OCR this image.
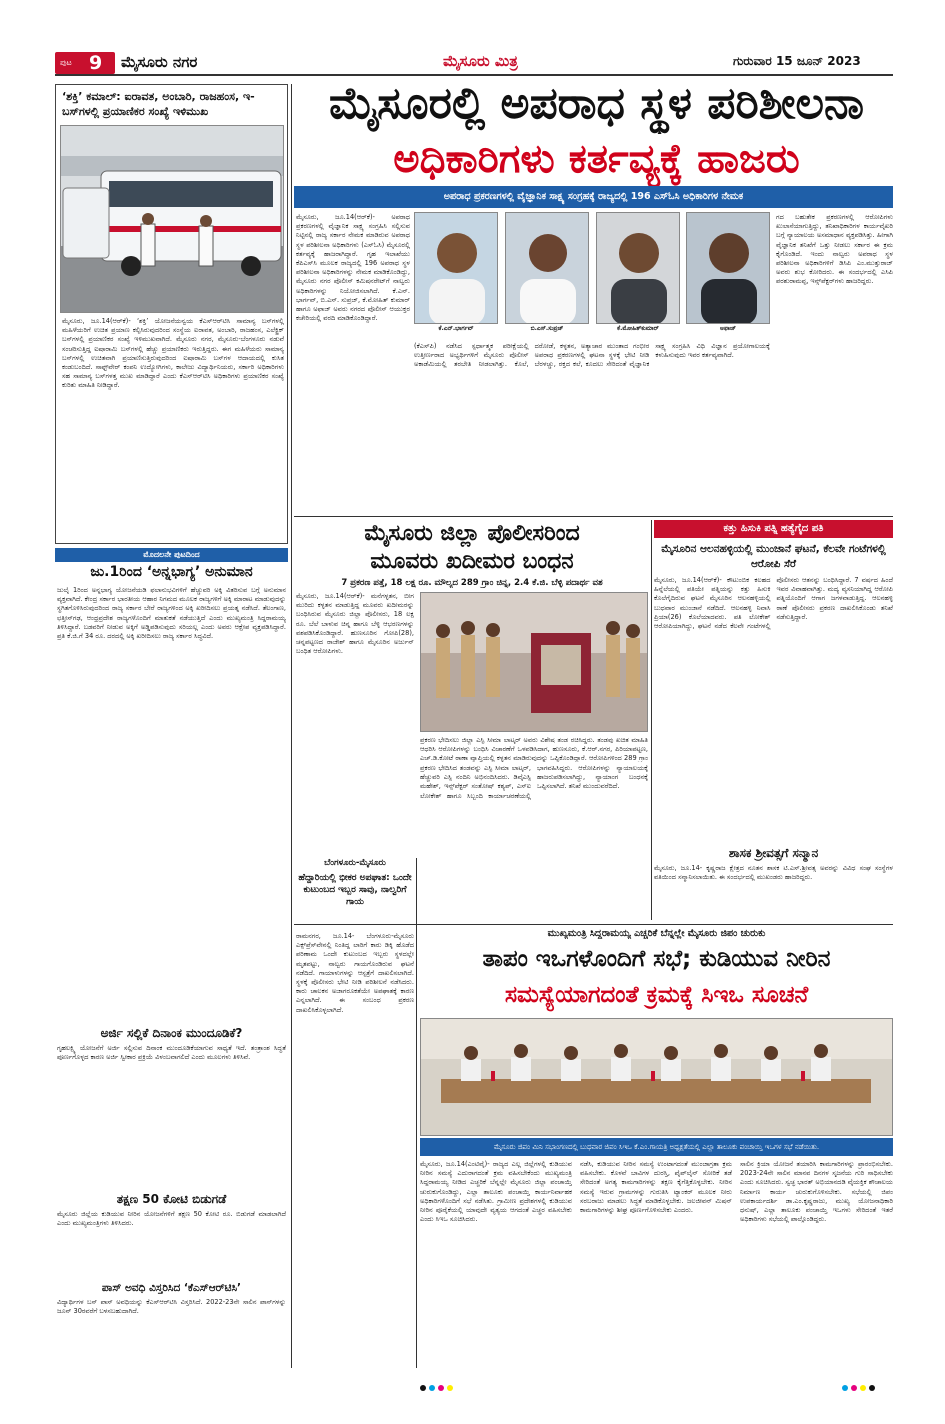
ಪುಟ 9 ಮೈಸೂರು ನಗರ	ಮೈಸೂರು ಮಿತ್ರ	ಗುರುವಾರ 15 ಜೂನ್ 2023
‘ಶಕ್ತಿ’ ಕಮಾಲ್: ಐರಾವತ, ಅಂಬಾರಿ, ರಾಜಹಂಸ, ಇ-ಬಸ್‌ಗಳಲ್ಲಿ ಪ್ರಯಾಣಿಕರ ಸಂಖ್ಯೆ ಇಳಿಮುಖ
ಮೈಸೂರು, ಜೂ.14(ಆರ್‌ಕೆ)- ‘ಶಕ್ತಿ’ ಯೋಜನೆಯನ್ವಯ ಕೆಎಸ್‌ಆರ್‌ಟಿಸಿ ಸಾಮಾನ್ಯ ಬಸ್‌ಗಳಲ್ಲಿ ಮಹಿಳೆಯರಿಗೆ ಉಚಿತ ಪ್ರಯಾಣ ಕಲ್ಪಿಸಿರುವುದರಿಂದ ಸಂಸ್ಥೆಯ ಐರಾವತ, ಅಂಬಾರಿ, ರಾಜಹಂಸ, ಎಲೆಕ್ಟ್ರಿಕ್ ಬಸ್‌ಗಳಲ್ಲಿ ಪ್ರಯಾಣಿಕರ ಸಂಖ್ಯೆ ಇಳಿಮುಖವಾಗಿದೆ. ಮೈಸೂರು ನಗರ, ಮೈಸೂರು-ಬೆಂಗಳೂರು ನಡುವೆ ಸಂಚರಿಸುತ್ತಿದ್ದ ಐಷಾರಾಮಿ ಬಸ್‌ಗಳಲ್ಲಿ ಹೆಚ್ಚು ಪ್ರಯಾಣಿಕರು ಇರುತ್ತಿದ್ದರು. ಈಗ ಮಹಿಳೆಯರು ಸಾಮಾನ್ಯ ಬಸ್‌ಗಳಲ್ಲಿ ಉಚಿತವಾಗಿ ಪ್ರಯಾಣಿಸುತ್ತಿರುವುದರಿಂದ ಐಷಾರಾಮಿ ಬಸ್‌ಗಳ ಆದಾಯದಲ್ಲಿ ಕುಸಿತ ಕಂಡುಬಂದಿದೆ. ಸಾಫ್ಟ್‌ವೇರ್ ಕಂಪನಿ ಉದ್ಯೋಗಿಗಳು, ಕಾಲೇಜು ವಿದ್ಯಾರ್ಥಿನಿಯರು, ಸರ್ಕಾರಿ ಅಧಿಕಾರಿಗಳು ಸಹ ಸಾಮಾನ್ಯ ಬಸ್‌ಗಳತ್ತ ಮುಖ ಮಾಡಿದ್ದಾರೆ ಎಂದು ಕೆಎಸ್‌ಆರ್‌ಟಿಸಿ ಅಧಿಕಾರಿಗಳು ಪ್ರಯಾಣಿಕರ ಸಂಖ್ಯೆ ಕುರಿತು ಮಾಹಿತಿ ನೀಡಿದ್ದಾರೆ.
ಮೊದಲನೇ ಪುಟದಿಂದ
ಜು.1ರಿಂದ ‘ಅನ್ನಭಾಗ್ಯ’ ಅನುಮಾನ
ಜುಲೈ 1ರಿಂದ ಅನ್ನಭಾಗ್ಯ ಯೋಜನೆಯಡಿ ಫಲಾನುಭವಿಗಳಿಗೆ ಹೆಚ್ಚುವರಿ ಅಕ್ಕಿ ವಿತರಿಸುವ ಬಗ್ಗೆ ಅನುಮಾನ ವ್ಯಕ್ತವಾಗಿದೆ. ಕೇಂದ್ರ ಸರ್ಕಾರ ಭಾರತೀಯ ಆಹಾರ ನಿಗಮದ ಮೂಲಕ ರಾಜ್ಯಗಳಿಗೆ ಅಕ್ಕಿ ಮಾರಾಟ ಮಾಡುವುದನ್ನು ಸ್ಥಗಿತಗೊಳಿಸಿರುವುದರಿಂದ ರಾಜ್ಯ ಸರ್ಕಾರ ಬೇರೆ ರಾಜ್ಯಗಳಿಂದ ಅಕ್ಕಿ ಖರೀದಿಸಲು ಪ್ರಯತ್ನ ನಡೆಸಿದೆ. ತೆಲಂಗಾಣ, ಛತ್ತೀಸ್‌ಗಢ, ಆಂಧ್ರಪ್ರದೇಶ ರಾಜ್ಯಗಳೊಂದಿಗೆ ಮಾತುಕತೆ ನಡೆಯುತ್ತಿದೆ ಎಂದು ಮುಖ್ಯಮಂತ್ರಿ ಸಿದ್ದರಾಮಯ್ಯ ತಿಳಿಸಿದ್ದಾರೆ. ಬಡವರಿಗೆ ನೀಡುವ ಅಕ್ಕಿಗೆ ಅಡ್ಡಿಪಡಿಸುವುದು ಸರಿಯಲ್ಲ ಎಂದು ಅವರು ಆಕ್ಷೇಪ ವ್ಯಕ್ತಪಡಿಸಿದ್ದಾರೆ. ಪ್ರತಿ ಕೆ.ಜಿ.ಗೆ 34 ರೂ. ದರದಲ್ಲಿ ಅಕ್ಕಿ ಖರೀದಿಸಲು ರಾಜ್ಯ ಸರ್ಕಾರ ಸಿದ್ಧವಿದೆ.
ಅರ್ಜಿ ಸಲ್ಲಿಕೆ ದಿನಾಂಕ ಮುಂದೂಡಿಕೆ?
ಗೃಹಲಕ್ಷ್ಮಿ ಯೋಜನೆಗೆ ಅರ್ಜಿ ಸಲ್ಲಿಸುವ ದಿನಾಂಕ ಮುಂದೂಡಿಕೆಯಾಗುವ ಸಾಧ್ಯತೆ ಇದೆ. ತಂತ್ರಾಂಶ ಸಿದ್ಧತೆ ಪೂರ್ಣಗೊಳ್ಳದ ಕಾರಣ ಅರ್ಜಿ ಸ್ವೀಕಾರ ಪ್ರಕ್ರಿಯೆ ವಿಳಂಬವಾಗಲಿದೆ ಎಂದು ಮೂಲಗಳು ತಿಳಿಸಿವೆ.
ತಕ್ಷಣ 50 ಕೋಟಿ ಬಿಡುಗಡೆ
ಮೈಸೂರು ಜಿಲ್ಲೆಯ ಕುಡಿಯುವ ನೀರಿನ ಯೋಜನೆಗಳಿಗೆ ತಕ್ಷಣ 50 ಕೋಟಿ ರೂ. ಬಿಡುಗಡೆ ಮಾಡಲಾಗಿದೆ ಎಂದು ಮುಖ್ಯಮಂತ್ರಿಗಳು ತಿಳಿಸಿದರು.
ಪಾಸ್ ಅವಧಿ ವಿಸ್ತರಿಸಿದ ‘ಕೆಎಸ್‌ಆರ್‌ಟಿಸಿ’
ವಿದ್ಯಾರ್ಥಿಗಳ ಬಸ್ ಪಾಸ್ ಅವಧಿಯನ್ನು ಕೆಎಸ್‌ಆರ್‌ಟಿಸಿ ವಿಸ್ತರಿಸಿದೆ. 2022-23ನೇ ಸಾಲಿನ ಪಾಸ್‌ಗಳನ್ನು ಜೂನ್ 30ರವರೆಗೆ ಬಳಸಬಹುದಾಗಿದೆ.
ಮೈಸೂರಲ್ಲಿ ಅಪರಾಧ ಸ್ಥಳ ಪರಿಶೀಲನಾ
ಅಧಿಕಾರಿಗಳು ಕರ್ತವ್ಯಕ್ಕೆ ಹಾಜರು
ಅಪರಾಧ ಪ್ರಕರಣಗಳಲ್ಲಿ ವೈಜ್ಞಾನಿಕ ಸಾಕ್ಷ್ಯ ಸಂಗ್ರಹಕ್ಕೆ ರಾಜ್ಯದಲ್ಲಿ 196 ಎಸ್‌ಓಸಿ ಅಧಿಕಾರಿಗಳ ನೇಮಕ
ಮೈಸೂರು, ಜೂ.14(ಆರ್‌ಕೆ)- ಅಪರಾಧ ಪ್ರಕರಣಗಳಲ್ಲಿ ವೈಜ್ಞಾನಿಕ ಸಾಕ್ಷ್ಯ ಸಂಗ್ರಹಿಸಿ ಸಲ್ಲಿಸುವ ನಿಟ್ಟಿನಲ್ಲಿ ರಾಜ್ಯ ಸರ್ಕಾರ ನೇಮಕ ಮಾಡಿರುವ ಅಪರಾಧ ಸ್ಥಳ ಪರಿಶೀಲನಾ ಅಧಿಕಾರಿಗಳು (ಎಸ್‌ಓಸಿ) ಮೈಸೂರಲ್ಲಿ ಕರ್ತವ್ಯಕ್ಕೆ ಹಾಜರಾಗಿದ್ದಾರೆ. ಗೃಹ ಇಲಾಖೆಯು ಕೆಪಿಎಸ್‌ಸಿ ಮೂಲಕ ರಾಜ್ಯದಲ್ಲಿ 196 ಅಪರಾಧ ಸ್ಥಳ ಪರಿಶೀಲನಾ ಅಧಿಕಾರಿಗಳನ್ನು ನೇಮಕ ಮಾಡಿಕೊಂಡಿದ್ದು, ಮೈಸೂರು ನಗರ ಪೊಲೀಸ್ ಕಮಿಷನರೇಟ್‌ಗೆ ನಾಲ್ವರು ಅಧಿಕಾರಿಗಳನ್ನು ನಿಯೋಜಿಸಲಾಗಿದೆ. ಕೆ.ಎನ್. ಭಾರ್ಗವ್, ಬಿ.ಎಸ್. ಸುಪ್ರಜ್, ಕೆ.ಮೋಹಿತ್ ಕುಮಾರ್ ಹಾಗೂ ಅಫಾಜ್ ಅವರು ನಗರದ ಪೊಲೀಸ್ ಆಯುಕ್ತರ ಕಚೇರಿಯಲ್ಲಿ ವರದಿ ಮಾಡಿಕೊಂಡಿದ್ದಾರೆ.
ಕೆ.ಎನ್.ಭಾರ್ಗವ್	ಬಿ.ಎಸ್.ಸುಪ್ರಜ್	ಕೆ.ಮೋಹಿತ್‌ಕುಮಾರ್	ಅಫಾಜ್
(ಕೆಎಸ್‌ಪಿ) ನಡೆಸಿದ ಸ್ಪರ್ಧಾತ್ಮಕ ಪರೀಕ್ಷೆಯಲ್ಲಿ ಉತ್ತೀರ್ಣರಾದ ಅಭ್ಯರ್ಥಿಗಳಿಗೆ ಮೈಸೂರು ಪೊಲೀಸ್ ಅಕಾಡೆಮಿಯಲ್ಲಿ ತರಬೇತಿ ನೀಡಲಾಗಿತ್ತು. ಕೊಲೆ, ದರೋಡೆ, ಕಳ್ಳತನ, ಅತ್ಯಾಚಾರ ಮುಂತಾದ ಗಂಭೀರ ಅಪರಾಧ ಪ್ರಕರಣಗಳಲ್ಲಿ ಘಟನಾ ಸ್ಥಳಕ್ಕೆ ಭೇಟಿ ನೀಡಿ ಬೆರಳಚ್ಚು, ರಕ್ತದ ಕಲೆ, ಕೂದಲು ಸೇರಿದಂತೆ ವೈಜ್ಞಾನಿಕ ಸಾಕ್ಷ್ಯ ಸಂಗ್ರಹಿಸಿ ವಿಧಿ ವಿಜ್ಞಾನ ಪ್ರಯೋಗಾಲಯಕ್ಕೆ ಕಳುಹಿಸುವುದು ಇವರ ಕರ್ತವ್ಯವಾಗಿದೆ.
ಗದ ಬಹುತೇಕ ಪ್ರಕರಣಗಳಲ್ಲಿ ಆರೋಪಿಗಳು ಖುಲಾಸೆಯಾಗುತ್ತಿದ್ದು, ತನಿಖಾಧಿಕಾರಿಗಳ ಕಾರ್ಯವೈಖರಿ ಬಗ್ಗೆ ನ್ಯಾಯಾಲಯ ಅಸಮಾಧಾನ ವ್ಯಕ್ತಪಡಿಸಿತ್ತು. ಹೀಗಾಗಿ ವೈಜ್ಞಾನಿಕ ತನಿಖೆಗೆ ಒತ್ತು ನೀಡಲು ಸರ್ಕಾರ ಈ ಕ್ರಮ ಕೈಗೊಂಡಿದೆ. ಇಂದು ನಾಲ್ವರು ಅಪರಾಧ ಸ್ಥಳ ಪರಿಶೀಲನಾ ಅಧಿಕಾರಿಗಳಿಗೆ ಡಿಸಿಪಿ ಎಂ.ಮುತ್ತುರಾಜ್ ಅವರು ಶುಭ ಕೋರಿದರು. ಈ ಸಂದರ್ಭದಲ್ಲಿ ಎಸಿಪಿ ಪರಶುರಾಮಪ್ಪ, ಇನ್ಸ್‌ಪೆಕ್ಟರ್‌ಗಳು ಹಾಜರಿದ್ದರು.
ಮೈಸೂರು ಜಿಲ್ಲಾ ಪೊಲೀಸರಿಂದ
ಮೂವರು ಖದೀಮರ ಬಂಧನ
7 ಪ್ರಕರಣ ಪತ್ತೆ, 18 ಲಕ್ಷ ರೂ. ಮೌಲ್ಯದ 289 ಗ್ರಾಂ ಚಿನ್ನ, 2.4 ಕೆ.ಜಿ. ಬೆಳ್ಳಿ ಪದಾರ್ಥ ವಶ
ಮೈಸೂರು, ಜೂ.14(ಆರ್‌ಕೆ)- ಮನೆಗಳ್ಳತನ, ಬೀಗ ಮುರಿದು ಕಳ್ಳತನ ಮಾಡುತ್ತಿದ್ದ ಮೂವರು ಖದೀಮರನ್ನು ಬಂಧಿಸಿರುವ ಮೈಸೂರು ಜಿಲ್ಲಾ ಪೊಲೀಸರು, 18 ಲಕ್ಷ ರೂ. ಬೆಲೆ ಬಾಳುವ ಚಿನ್ನ ಹಾಗೂ ಬೆಳ್ಳಿ ಆಭರಣಗಳನ್ನು ವಶಪಡಿಸಿಕೊಂಡಿದ್ದಾರೆ. ಹುಣಸೂರಿನ ಗೋಪಿ(28), ಚನ್ನಪಟ್ಟಣದ ರಾಜೇಶ್ ಹಾಗೂ ಮೈಸೂರಿನ ಅರ್ಜುನ್ ಬಂಧಿತ ಆರೋಪಿಗಳು.
ಪ್ರಕರಣ ಭೇದಿಸಲು ಜಿಲ್ಲಾ ಎಸ್ಪಿ ಸೀಮಾ ಲಾಟ್ಕರ್ ಅವರು ವಿಶೇಷ ತಂಡ ರಚಿಸಿದ್ದರು. ತಂಡವು ಖಚಿತ ಮಾಹಿತಿ ಆಧರಿಸಿ ಆರೋಪಿಗಳನ್ನು ಬಂಧಿಸಿ ವಿಚಾರಣೆಗೆ ಒಳಪಡಿಸಿದಾಗ, ಹುಣಸೂರು, ಕೆ.ಆರ್.ನಗರ, ಪಿರಿಯಾಪಟ್ಟಣ, ಎಚ್.ಡಿ.ಕೋಟೆ ಠಾಣಾ ವ್ಯಾಪ್ತಿಯಲ್ಲಿ ಕಳ್ಳತನ ಮಾಡಿರುವುದನ್ನು ಒಪ್ಪಿಕೊಂಡಿದ್ದಾರೆ. ಆರೋಪಿಗಳಿಂದ 289 ಗ್ರಾಂ
ಪ್ರಕರಣ ಭೇದಿಸಿದ ತಂಡವನ್ನು ಎಸ್ಪಿ ಸೀಮಾ ಲಾಟ್ಕರ್, ಹೆಚ್ಚುವರಿ ಎಸ್ಪಿ ನಂದಿನಿ ಅಭಿನಂದಿಸಿದರು. ಡಿವೈಎಸ್ಪಿ ಮಹೇಶ್, ಇನ್ಸ್‌ಪೆಕ್ಟರ್ ಸಂತೋಷ್ ಕಶ್ಯಪ್, ಎಸ್‌ಐ ಲೋಕೇಶ್ ಹಾಗೂ ಸಿಬ್ಬಂದಿ ಕಾರ್ಯಾಚರಣೆಯಲ್ಲಿ ಭಾಗವಹಿಸಿದ್ದರು. ಆರೋಪಿಗಳನ್ನು ನ್ಯಾಯಾಲಯಕ್ಕೆ ಹಾಜರುಪಡಿಸಲಾಗಿದ್ದು, ನ್ಯಾಯಾಂಗ ಬಂಧನಕ್ಕೆ ಒಪ್ಪಿಸಲಾಗಿದೆ. ತನಿಖೆ ಮುಂದುವರೆದಿದೆ.
ಕತ್ತು ಹಿಸುಕಿ ಪತ್ನಿ ಹತ್ಯೆಗೈದ ಪತಿ
ಮೈಸೂರಿನ ಆಲನಹಳ್ಳಿಯಲ್ಲಿ ಮುಂಜಾನೆ ಘಟನೆ, ಕೆಲವೇ ಗಂಟೆಗಳಲ್ಲಿ ಆರೋಪಿ ಸೆರೆ
ಮೈಸೂರು, ಜೂ.14(ಆರ್‌ಕೆ)- ಕೌಟುಂಬಿಕ ಕಲಹದ ಹಿನ್ನೆಲೆಯಲ್ಲಿ ಪತಿಯೇ ಪತ್ನಿಯನ್ನು ಕತ್ತು ಹಿಸುಕಿ ಕೊಲೆಗೈದಿರುವ ಘಟನೆ ಮೈಸೂರಿನ ಆಲನಹಳ್ಳಿಯಲ್ಲಿ ಬುಧವಾರ ಮುಂಜಾನೆ ನಡೆದಿದೆ. ಆಲನಹಳ್ಳಿ ನಿವಾಸಿ ಪ್ರಿಯಾ(26) ಕೊಲೆಯಾದವರು. ಪತಿ ಲೋಕೇಶ್ ಆರೋಪಿಯಾಗಿದ್ದು, ಘಟನೆ ನಡೆದ ಕೆಲವೇ ಗಂಟೆಗಳಲ್ಲಿ ಪೊಲೀಸರು ಆತನನ್ನು ಬಂಧಿಸಿದ್ದಾರೆ. 7 ವರ್ಷದ ಹಿಂದೆ ಇವರ ವಿವಾಹವಾಗಿತ್ತು. ಮದ್ಯ ವ್ಯಸನಿಯಾಗಿದ್ದ ಆರೋಪಿ ಪತ್ನಿಯೊಂದಿಗೆ ಆಗಾಗ ಜಗಳವಾಡುತ್ತಿದ್ದ. ಆಲನಹಳ್ಳಿ ಠಾಣೆ ಪೊಲೀಸರು ಪ್ರಕರಣ ದಾಖಲಿಸಿಕೊಂಡು ತನಿಖೆ ನಡೆಸುತ್ತಿದ್ದಾರೆ.
ಶಾಸಕ ಶ್ರೀವತ್ಸಗೆ ಸನ್ಮಾನ
ಮೈಸೂರು, ಜೂ.14- ಕೃಷ್ಣರಾಜ ಕ್ಷೇತ್ರದ ನೂತನ ಶಾಸಕ ಟಿ.ಎಸ್.ಶ್ರೀವತ್ಸ ಅವರನ್ನು ವಿವಿಧ ಸಂಘ ಸಂಸ್ಥೆಗಳ ವತಿಯಿಂದ ಸನ್ಮಾನಿಸಲಾಯಿತು. ಈ ಸಂದರ್ಭದಲ್ಲಿ ಮುಖಂಡರು ಹಾಜರಿದ್ದರು.
ಬೆಂಗಳೂರು-ಮೈಸೂರು
ಹೆದ್ದಾರಿಯಲ್ಲಿ ಭೀಕರ ಅಪಘಾತ: ಒಂದೇ ಕುಟುಂಬದ ಇಬ್ಬರ ಸಾವು, ನಾಲ್ವರಿಗೆ ಗಾಯ
ರಾಮನಗರ, ಜೂ.14- ಬೆಂಗಳೂರು-ಮೈಸೂರು ಎಕ್ಸ್‌ಪ್ರೆಸ್‌ವೇನಲ್ಲಿ ನಿಂತಿದ್ದ ಲಾರಿಗೆ ಕಾರು ಡಿಕ್ಕಿ ಹೊಡೆದ ಪರಿಣಾಮ ಒಂದೇ ಕುಟುಂಬದ ಇಬ್ಬರು ಸ್ಥಳದಲ್ಲೇ ಮೃತಪಟ್ಟು, ನಾಲ್ವರು ಗಾಯಗೊಂಡಿರುವ ಘಟನೆ ನಡೆದಿದೆ. ಗಾಯಾಳುಗಳನ್ನು ಆಸ್ಪತ್ರೆಗೆ ದಾಖಲಿಸಲಾಗಿದೆ. ಸ್ಥಳಕ್ಕೆ ಪೊಲೀಸರು ಭೇಟಿ ನೀಡಿ ಪರಿಶೀಲನೆ ನಡೆಸಿದರು. ಕಾರು ಚಾಲಕನ ಅಜಾಗರೂಕತೆಯೇ ಅಪಘಾತಕ್ಕೆ ಕಾರಣ ಎನ್ನಲಾಗಿದೆ. ಈ ಸಂಬಂಧ ಪ್ರಕರಣ ದಾಖಲಿಸಿಕೊಳ್ಳಲಾಗಿದೆ.
ಮುಖ್ಯಮಂತ್ರಿ ಸಿದ್ದರಾಮಯ್ಯ ಎಚ್ಚರಿಕೆ ಬೆನ್ನಲ್ಲೇ ಮೈಸೂರು ಜಿಪಂ ಚುರುಕು
ತಾಪಂ ಇಒಗಳೊಂದಿಗೆ ಸಭೆ; ಕುಡಿಯುವ ನೀರಿನ
ಸಮಸ್ಯೆಯಾಗದಂತೆ ಕ್ರಮಕ್ಕೆ ಸಿಇಒ ಸೂಚನೆ
ಮೈಸೂರು ಜಿಪಂ ಮಿನಿ ಸಭಾಂಗಣದಲ್ಲಿ ಬುಧವಾರ ಜಿಪಂ ಸಿಇಒ ಕೆ.ಎಂ.ಗಾಯತ್ರಿ ಅಧ್ಯಕ್ಷತೆಯಲ್ಲಿ ಎಲ್ಲಾ ತಾಲೂಕು ಪಂಚಾಯ್ತಿ ಇಒಗಳ ಸಭೆ ನಡೆಯಿತು.
ಮೈಸೂರು, ಜೂ.14(ಎಂಟಿವೈ)- ರಾಜ್ಯದ ಎಲ್ಲ ಜಿಲ್ಲೆಗಳಲ್ಲಿ ಕುಡಿಯುವ ನೀರಿನ ಸಮಸ್ಯೆ ಎದುರಾಗದಂತೆ ಕ್ರಮ ವಹಿಸಬೇಕೆಂದು ಮುಖ್ಯಮಂತ್ರಿ ಸಿದ್ದರಾಮಯ್ಯ ನೀಡಿದ ಎಚ್ಚರಿಕೆ ಬೆನ್ನಲ್ಲೇ ಮೈಸೂರು ಜಿಲ್ಲಾ ಪಂಚಾಯ್ತಿ ಚುರುಕುಗೊಂಡಿದ್ದು, ಎಲ್ಲಾ ತಾಲೂಕು ಪಂಚಾಯ್ತಿ ಕಾರ್ಯನಿರ್ವಾಹಕ ಅಧಿಕಾರಿಗಳೊಂದಿಗೆ ಸಭೆ ನಡೆಸಿತು. ಗ್ರಾಮೀಣ ಪ್ರದೇಶಗಳಲ್ಲಿ ಕುಡಿಯುವ ನೀರಿನ ಪೂರೈಕೆಯಲ್ಲಿ ಯಾವುದೇ ವ್ಯತ್ಯಯ ಆಗದಂತೆ ಎಚ್ಚರ ವಹಿಸಬೇಕು ಎಂದು ಸಿಇಒ ಸೂಚಿಸಿದರು.
ನಡೆಸಿ, ಕುಡಿಯುವ ನೀರಿನ ಸಮಸ್ಯೆ ಉಂಟಾಗದಂತೆ ಮುಂಜಾಗ್ರತಾ ಕ್ರಮ ವಹಿಸಬೇಕು. ಕೊಳವೆ ಬಾವಿಗಳ ದುರಸ್ತಿ, ಪೈಪ್‌ಲೈನ್ ಸೋರಿಕೆ ತಡೆ ಸೇರಿದಂತೆ ಅಗತ್ಯ ಕಾಮಗಾರಿಗಳನ್ನು ತಕ್ಷಣ ಕೈಗೆತ್ತಿಕೊಳ್ಳಬೇಕು. ನೀರಿನ ಸಮಸ್ಯೆ ಇರುವ ಗ್ರಾಮಗಳನ್ನು ಗುರುತಿಸಿ ಟ್ಯಾಂಕರ್ ಮೂಲಕ ನೀರು ಸರಬರಾಜು ಮಾಡಲು ಸಿದ್ಧತೆ ಮಾಡಿಕೊಳ್ಳಬೇಕು. ಜಲಜೀವನ್ ಮಿಷನ್ ಕಾಮಗಾರಿಗಳನ್ನು ಶೀಘ್ರ ಪೂರ್ಣಗೊಳಿಸಬೇಕು ಎಂದರು.
ಸಾಲಿನ ಕ್ರಿಯಾ ಯೋಜನೆ ತಯಾರಿಸಿ ಕಾಮಗಾರಿಗಳನ್ನು ಪ್ರಾರಂಭಿಸಬೇಕು. 2023-24ನೇ ಸಾಲಿನ ಮಾನವ ದಿನಗಳ ಸೃಜನೆಯ ಗುರಿ ಸಾಧಿಸಬೇಕು ಎಂದು ಸೂಚಿಸಿದರು. ಸ್ವಚ್ಛ ಭಾರತ್ ಅಭಿಯಾನದಡಿ ವೈಯಕ್ತಿಕ ಶೌಚಾಲಯ ನಿರ್ಮಾಣ ಕಾರ್ಯ ಚುರುಕುಗೊಳಿಸಬೇಕು. ಸಭೆಯಲ್ಲಿ ಜಿಪಂ ಉಪಕಾರ್ಯದರ್ಶಿ ಡಾ.ಎಂ.ಕೃಷ್ಣರಾಜು, ಮುಖ್ಯ ಯೋಜನಾಧಿಕಾರಿ ಧನುಷ್, ಎಲ್ಲಾ ತಾಲೂಕು ಪಂಚಾಯ್ತಿ ಇಒಗಳು ಸೇರಿದಂತೆ ಇತರೆ ಅಧಿಕಾರಿಗಳು ಸಭೆಯಲ್ಲಿ ಪಾಲ್ಗೊಂಡಿದ್ದರು.
